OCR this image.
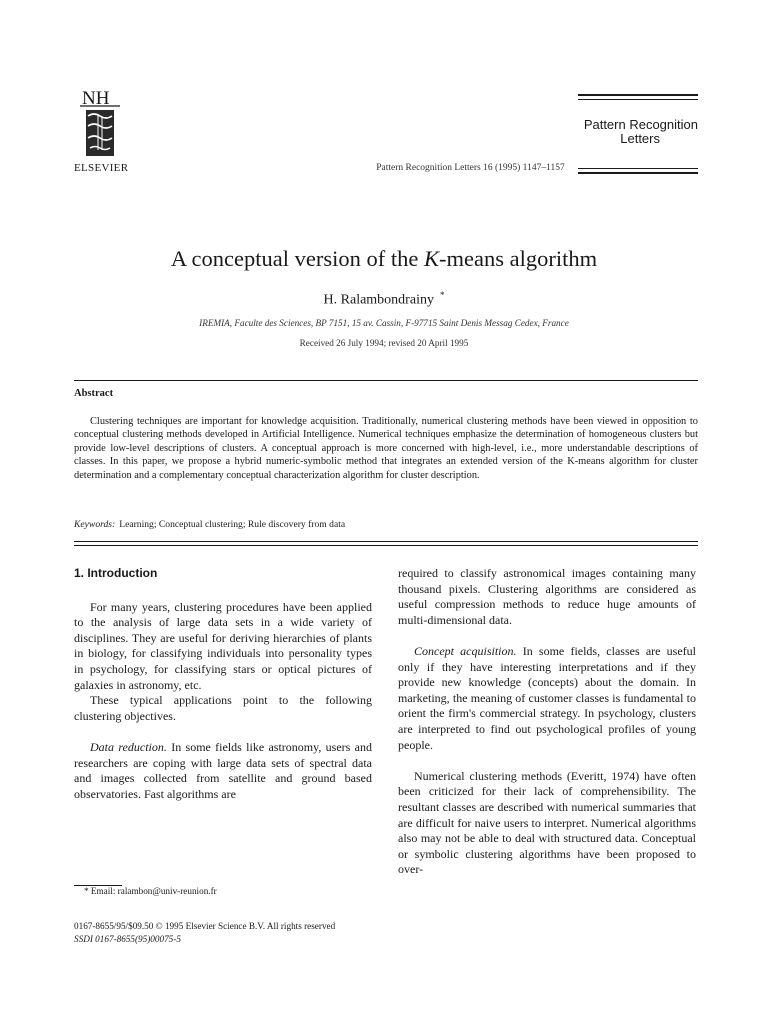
NH
ELSEVIER	Pattern Recognition Letters 16 (1995) 1147–1157
Pattern Recognition

Letters
A conceptual version of the K-means algorithm
H. Ralambondrainy *
IREMIA, Faculte des Sciences, BP 7151, 15 av. Cassin, F-97715 Saint Denis Messag Cedex, France
Received 26 July 1994; revised 20 April 1995
Abstract
Clustering techniques are important for knowledge acquisition. Traditionally, numerical clustering methods have been viewed in opposition to conceptual clustering methods developed in Artificial Intelligence. Numerical techniques emphasize the determination of homogeneous clusters but provide low-level descriptions of clusters. A conceptual approach is more concerned with high-level, i.e., more understandable descriptions of classes. In this paper, we propose a hybrid numeric-symbolic method that integrates an extended version of the K-means algorithm for cluster determination and a complementary conceptual characterization algorithm for cluster description.
Keywords: Learning; Conceptual clustering; Rule discovery from data

1. Introduction

For many years, clustering procedures have been applied to the analysis of large data sets in a wide variety of disciplines. They are useful for deriving hierarchies of plants in biology, for classifying individuals into personality types in psychology, for classifying stars or optical pictures of galaxies in astronomy, etc.

These typical applications point to the following clustering objectives.

Data reduction. In some fields like astronomy, users and researchers are coping with large data sets of spectral data and images collected from satellite and ground based observatories. Fast algorithms are

required to classify astronomical images containing many thousand pixels. Clustering algorithms are considered as useful compression methods to reduce huge amounts of multi-dimensional data.

Concept acquisition. In some fields, classes are useful only if they have interesting interpretations and if they provide new knowledge (concepts) about the domain. In marketing, the meaning of customer classes is fundamental to orient the firm's commercial strategy. In psychology, clusters are interpreted to find out psychological profiles of young people.

Numerical clustering methods (Everitt, 1974) have often been criticized for their lack of comprehensibility. The resultant classes are described with numerical summaries that are difficult for naive users to interpret. Numerical algorithms also may not be able to deal with structured data. Conceptual or symbolic clustering algorithms have been proposed to over-

* Email: ralambon@univ-reunion.fr
0167-8655/95/$09.50 © 1995 Elsevier Science B.V. All rights reserved
SSDI 0167-8655(95)00075-5
